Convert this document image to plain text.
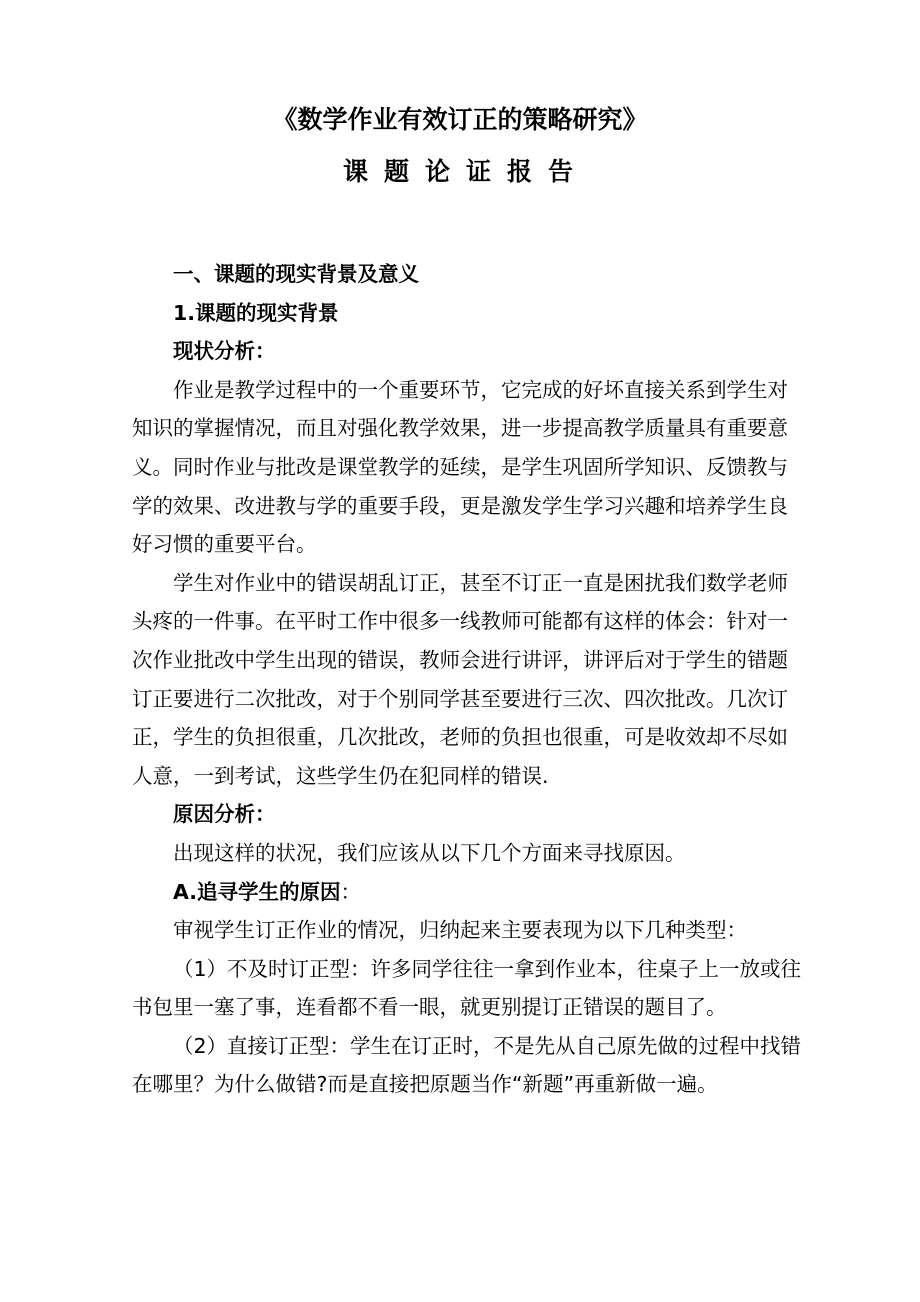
《数学作业有效订正的策略研究》
课题论证报告

一、课题的现实背景及意义

1.课题的现实背景

现状分析：

作业是教学过程中的一个重要环节，它完成的好坏直接关系到学生对知识的掌握情况，而且对强化教学效果，进一步提高教学质量具有重要意义。同时作业与批改是课堂教学的延续，是学生巩固所学知识、反馈教与学的效果、改进教与学的重要手段，更是激发学生学习兴趣和培养学生良好习惯的重要平台。

学生对作业中的错误胡乱订正，甚至不订正一直是困扰我们数学老师头疼的一件事。在平时工作中很多一线教师可能都有这样的体会：针对一次作业批改中学生出现的错误，教师会进行讲评，讲评后对于学生的错题订正要进行二次批改，对于个别同学甚至要进行三次、四次批改。几次订正，学生的负担很重，几次批改，老师的负担也很重，可是收效却不尽如人意，一到考试，这些学生仍在犯同样的错误.

原因分析：

出现这样的状况，我们应该从以下几个方面来寻找原因。

A.追寻学生的原因：

审视学生订正作业的情况，归纳起来主要表现为以下几种类型：

（1）不及时订正型：许多同学往往一拿到作业本，往桌子上一放或往书包里一塞了事，连看都不看一眼，就更别提订正错误的题目了。

（2）直接订正型：学生在订正时，不是先从自己原先做的过程中找错在哪里？为什么做错?而是直接把原题当作“新题”再重新做一遍。
